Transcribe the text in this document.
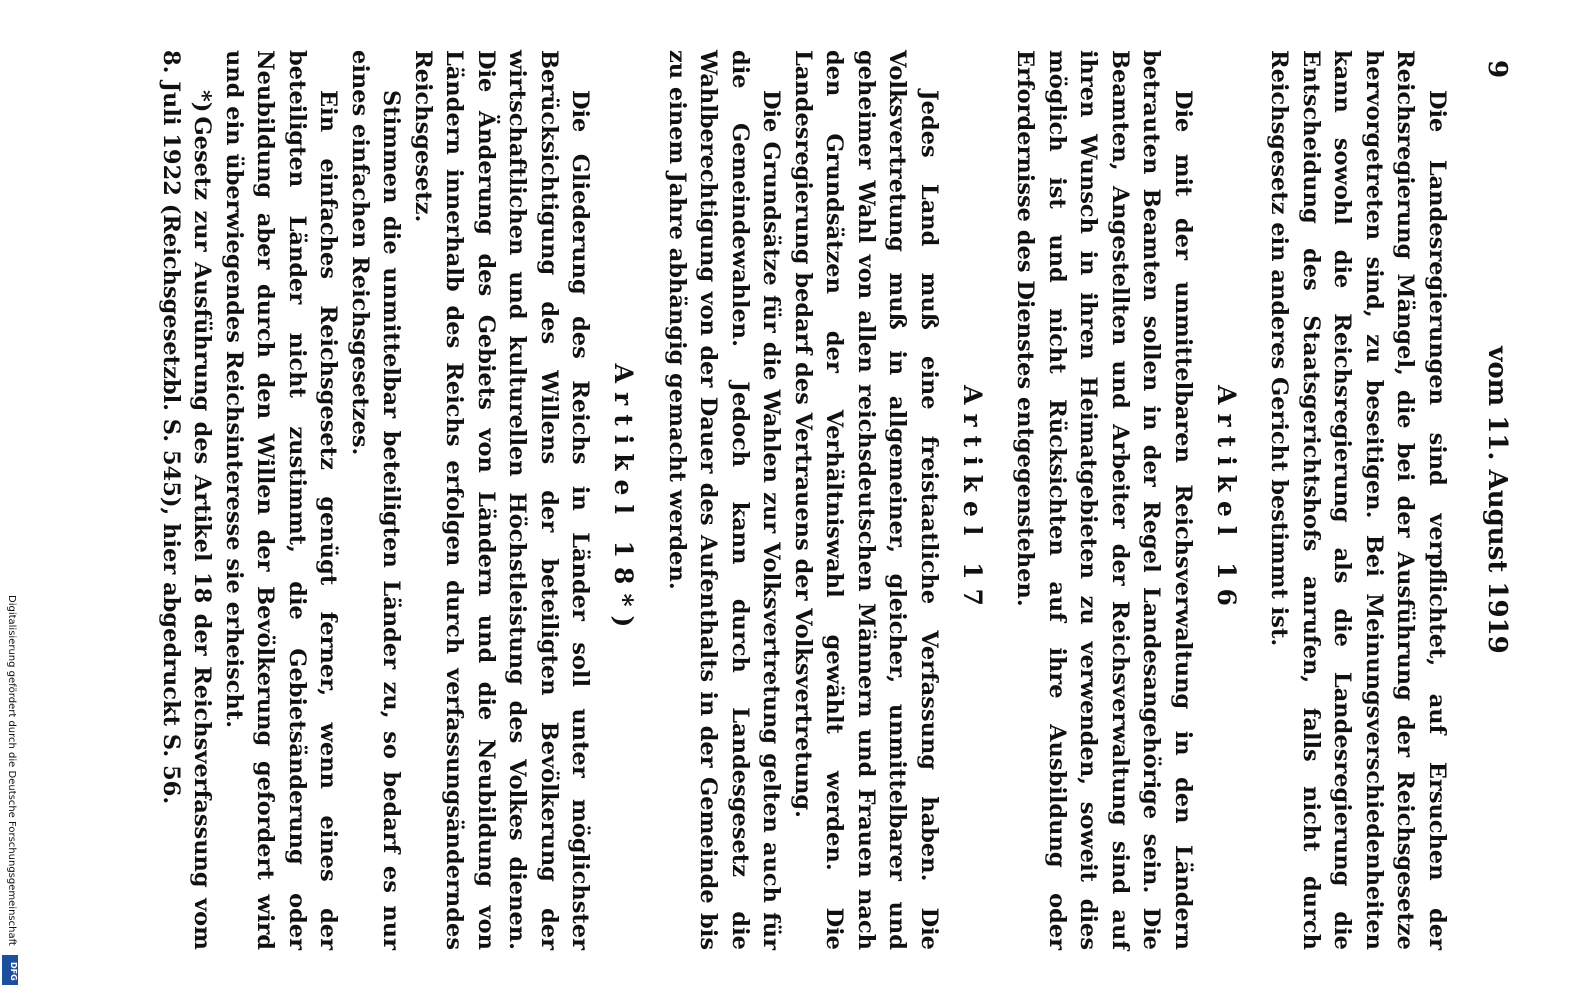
vom 11. August 1919
9

Die Landesregierungen sind verpflichtet, auf Ersuchen der Reichsregierung Mängel, die bei der Ausführung der Reichsgesetze hervorgetreten sind, zu beseitigen. Bei Meinungsverschiedenheiten kann sowohl die Reichsregierung als die Landesregierung die Entscheidung des Staatsgerichtshofs anrufen, falls nicht durch Reichsgesetz ein anderes Gericht bestimmt ist.

Artikel 16

Die mit der unmittelbaren Reichsverwaltung in den Ländern betrauten Beamten sollen in der Regel Landesangehörige sein. Die Beamten, Angestellten und Arbeiter der Reichsverwaltung sind auf ihren Wunsch in ihren Heimatgebieten zu verwenden, soweit dies möglich ist und nicht Rücksichten auf ihre Ausbildung oder Erfordernisse des Dienstes entgegenstehen.

Artikel 17

Jedes Land muß eine freistaatliche Verfassung haben. Die Volksvertretung muß in allgemeiner, gleicher, unmittelbarer und geheimer Wahl von allen reichsdeutschen Männern und Frauen nach den Grundsätzen der Verhältniswahl gewählt werden. Die Landesregierung bedarf des Vertrauens der Volksvertretung.

Die Grundsätze für die Wahlen zur Volksvertretung gelten auch für die Gemeindewahlen. Jedoch kann durch Landesgesetz die Wahlberechtigung von der Dauer des Aufenthalts in der Gemeinde bis zu einem Jahre abhängig gemacht werden.

Artikel 18*)

Die Gliederung des Reichs in Länder soll unter möglichster Berücksichtigung des Willens der beteiligten Bevölkerung der wirtschaftlichen und kulturellen Höchstleistung des Volkes dienen. Die Änderung des Gebiets von Ländern und die Neubildung von Ländern innerhalb des Reichs erfolgen durch verfassungsänderndes Reichsgesetz.

Stimmen die unmittelbar beteiligten Länder zu, so bedarf es nur eines einfachen Reichsgesetzes.

Ein einfaches Reichsgesetz genügt ferner, wenn eines der beteiligten Länder nicht zustimmt, die Gebietsänderung oder Neubildung aber durch den Willen der Bevölkerung gefordert wird und ein überwiegendes Reichsinteresse sie erheischt.

*)Gesetz zur Ausführung des Artikel 18 der Reichsverfassung vom 8. Juli 1922 (Reichsgesetzbl. S. 545), hier abgedruckt S. 56.

Digitalisierung gefördert durch die Deutsche Forschungsgemeinschaft
DFG
